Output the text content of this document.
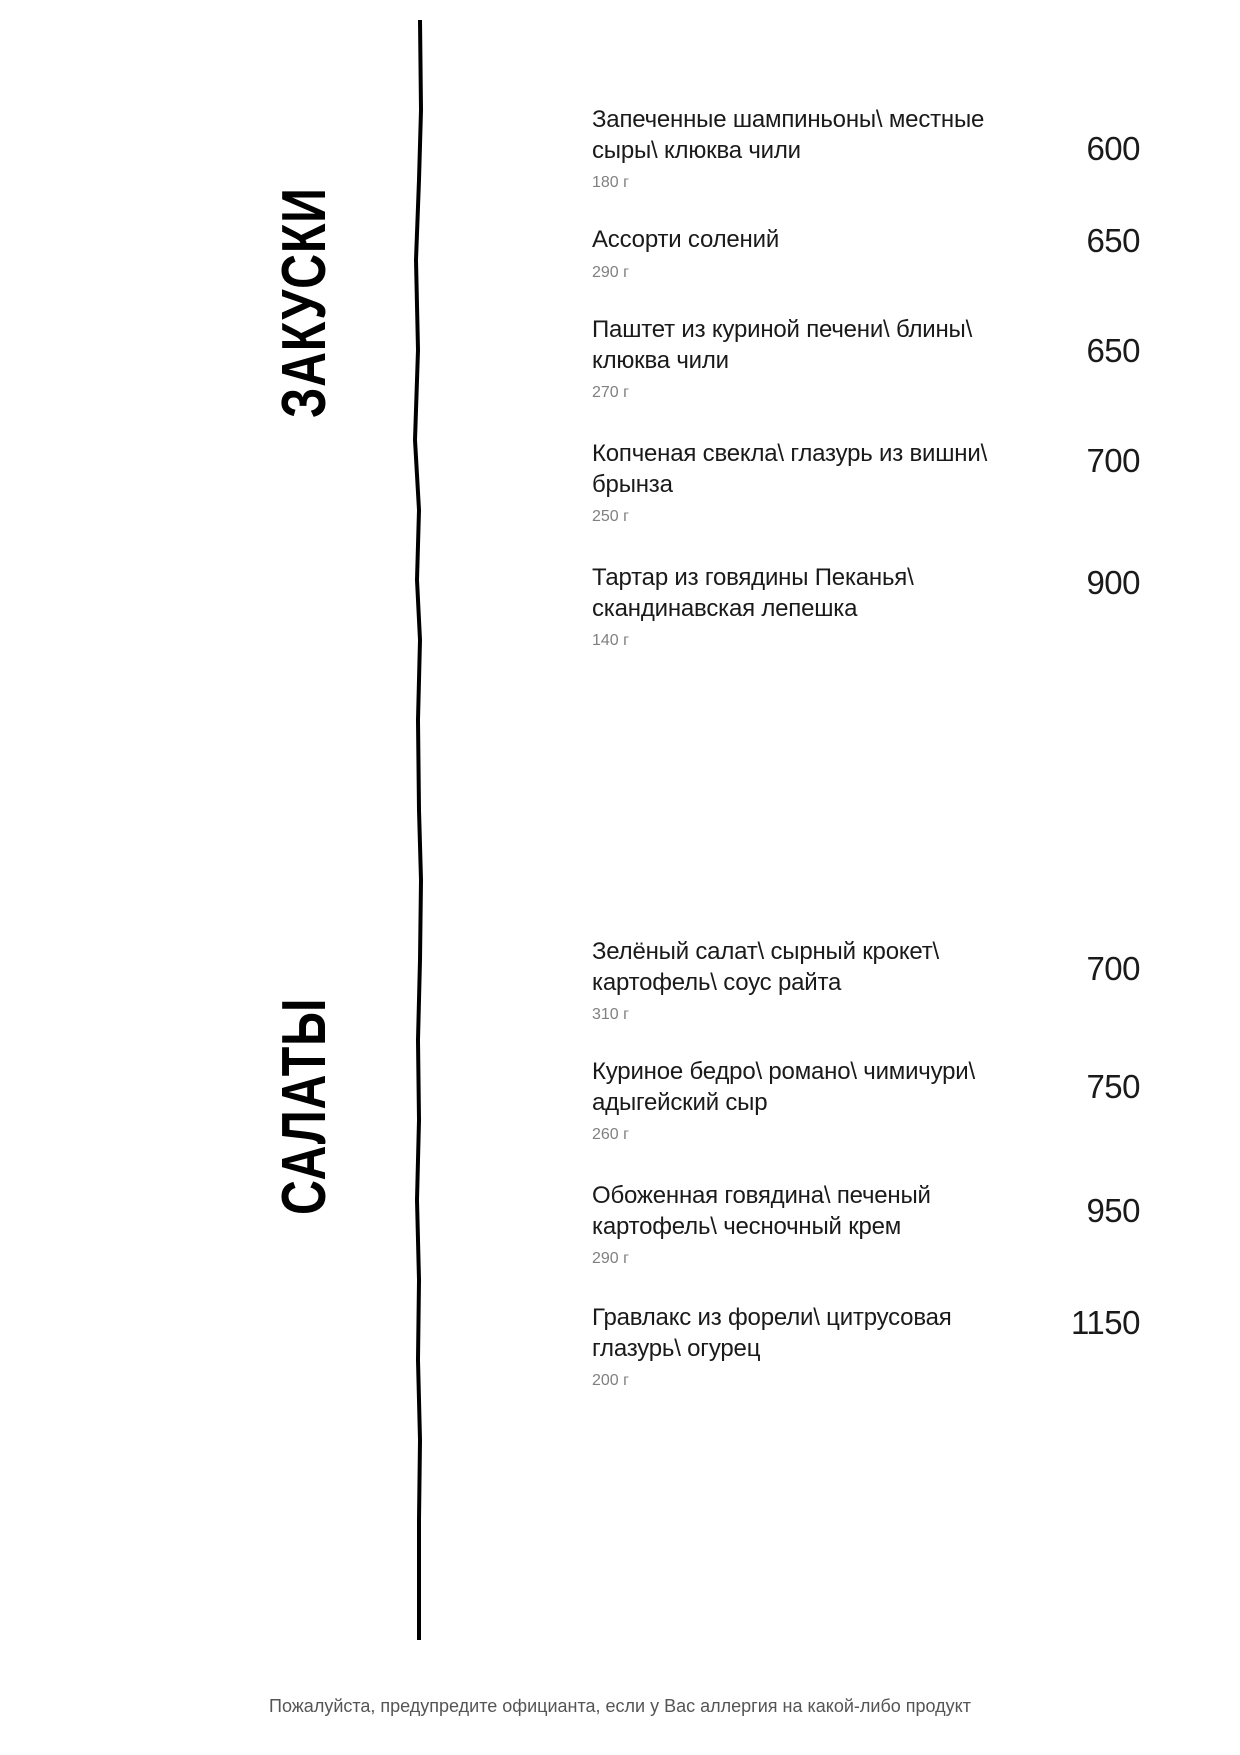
ЗАКУСКИ
САЛАТЫ
Запеченные шампиньоны\ местные сыры\ клюква чили
180 г
600
Ассорти солений
290 г
650
Паштет из куриной печени\ блины\ клюква чили
270 г
650
Копченая свекла\ глазурь из вишни\ брынза
250 г
700
Тартар из говядины Пеканья\ скандинавская лепешка
140 г
900
Зелёный салат\ сырный крокет\ картофель\ соус райта
310 г
700
Куриное бедро\ романо\ чимичури\ адыгейский сыр
260 г
750
Обоженная говядина\ печеный картофель\ чесночный крем
290 г
950
Гравлакс из форели\ цитрусовая глазурь\ огурец
200 г
1150
Пожалуйста, предупредите официанта, если у Вас аллергия на какой-либо продукт
